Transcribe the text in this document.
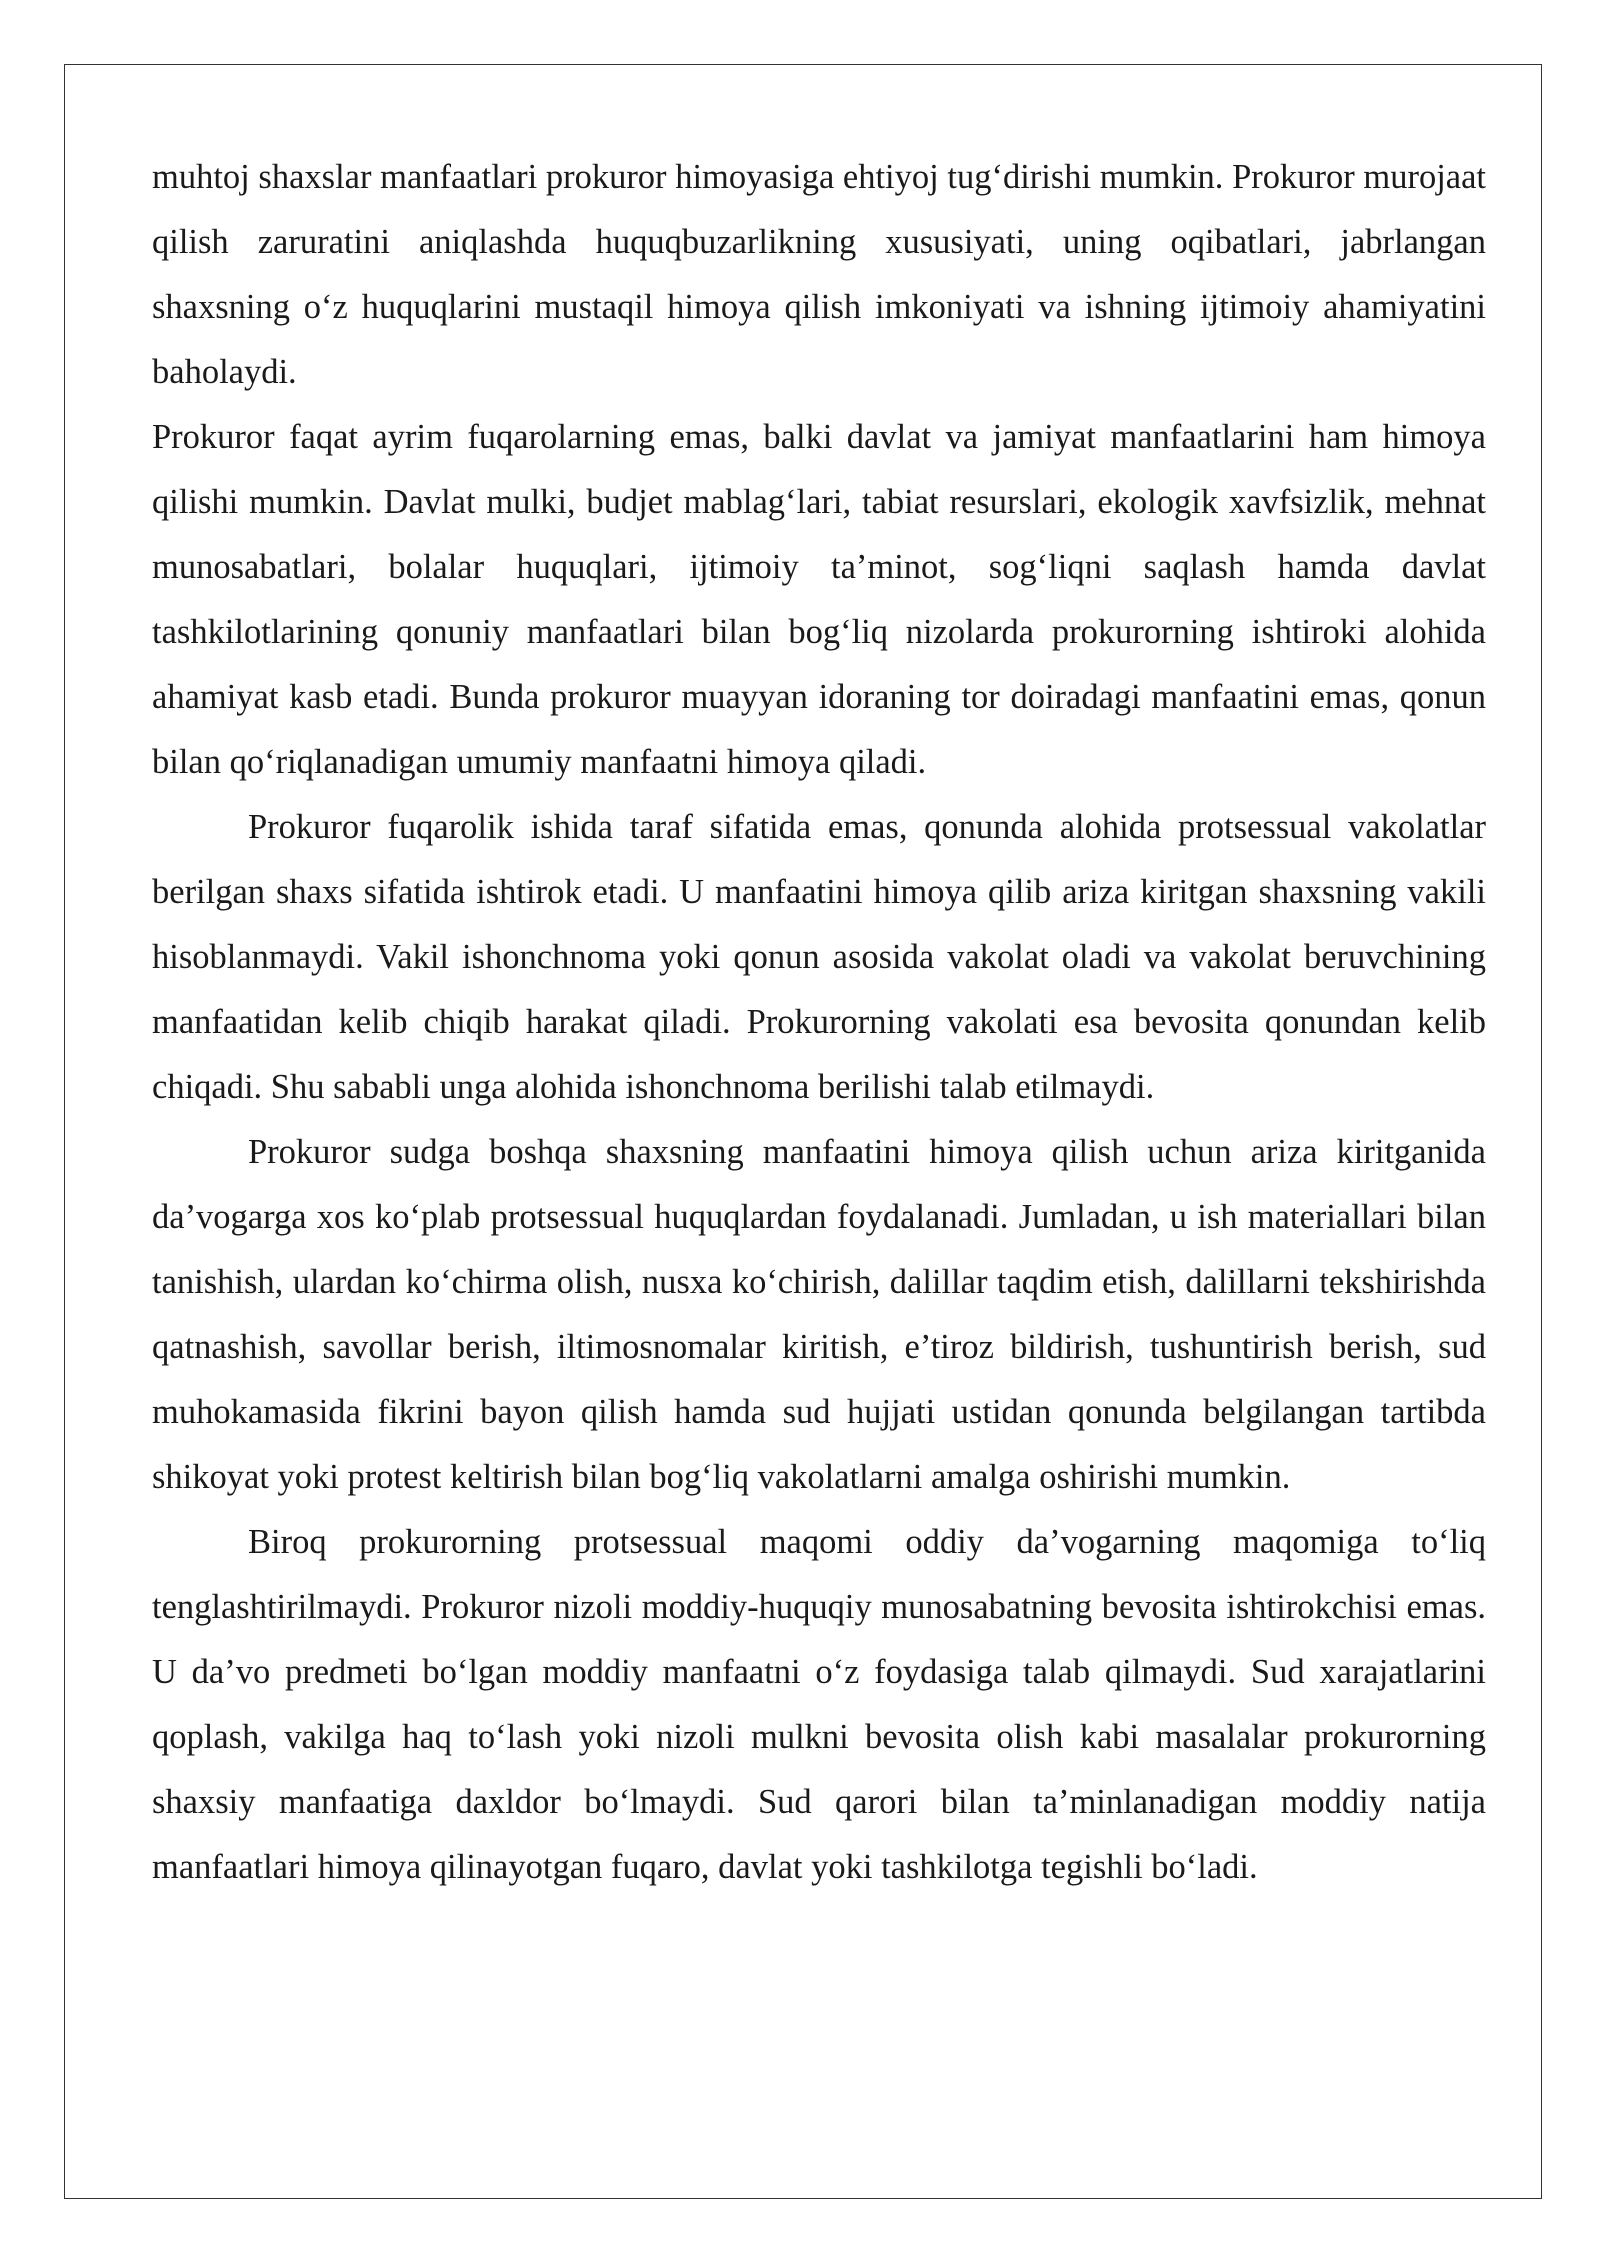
muhtoj shaxslar manfaatlari prokuror himoyasiga ehtiyoj tug‘dirishi mumkin. Prokuror murojaat qilish zaruratini aniqlashda huquqbuzarlikning xususiyati, uning oqibatlari, jabrlangan shaxsning o‘z huquqlarini mustaqil himoya qilish imkoniyati va ishning ijtimoiy ahamiyatini baholaydi.

Prokuror faqat ayrim fuqarolarning emas, balki davlat va jamiyat manfaatlarini ham himoya qilishi mumkin. Davlat mulki, budjet mablag‘lari, tabiat resurslari, ekologik xavfsizlik, mehnat munosabatlari, bolalar huquqlari, ijtimoiy ta’minot, sog‘liqni saqlash hamda davlat tashkilotlarining qonuniy manfaatlari bilan bog‘liq nizolarda prokurorning ishtiroki alohida ahamiyat kasb etadi. Bunda prokuror muayyan idoraning tor doiradagi manfaatini emas, qonun bilan qo‘riqlanadigan umumiy manfaatni himoya qiladi.

Prokuror fuqarolik ishida taraf sifatida emas, qonunda alohida protsessual vakolatlar berilgan shaxs sifatida ishtirok etadi. U manfaatini himoya qilib ariza kiritgan shaxsning vakili hisoblanmaydi. Vakil ishonchnoma yoki qonun asosida vakolat oladi va vakolat beruvchining manfaatidan kelib chiqib harakat qiladi. Prokurorning vakolati esa bevosita qonundan kelib chiqadi. Shu sababli unga alohida ishonchnoma berilishi talab etilmaydi.

Prokuror sudga boshqa shaxsning manfaatini himoya qilish uchun ariza kiritganida da’vogarga xos ko‘plab protsessual huquqlardan foydalanadi. Jumladan, u ish materiallari bilan tanishish, ulardan ko‘chirma olish, nusxa ko‘chirish, dalillar taqdim etish, dalillarni tekshirishda qatnashish, savollar berish, iltimosnomalar kiritish, e’tiroz bildirish, tushuntirish berish, sud muhokamasida fikrini bayon qilish hamda sud hujjati ustidan qonunda belgilangan tartibda shikoyat yoki protest keltirish bilan bog‘liq vakolatlarni amalga oshirishi mumkin.

Biroq prokurorning protsessual maqomi oddiy da’vogarning maqomiga to‘liq tenglashtirilmaydi. Prokuror nizoli moddiy-huquqiy munosabatning bevosita ishtirokchisi emas. U da’vo predmeti bo‘lgan moddiy manfaatni o‘z foydasiga talab qilmaydi. Sud xarajatlarini qoplash, vakilga haq to‘lash yoki nizoli mulkni bevosita olish kabi masalalar prokurorning shaxsiy manfaatiga daxldor bo‘lmaydi. Sud qarori bilan ta’minlanadigan moddiy natija manfaatlari himoya qilinayotgan fuqaro, davlat yoki tashkilotga tegishli bo‘ladi.
